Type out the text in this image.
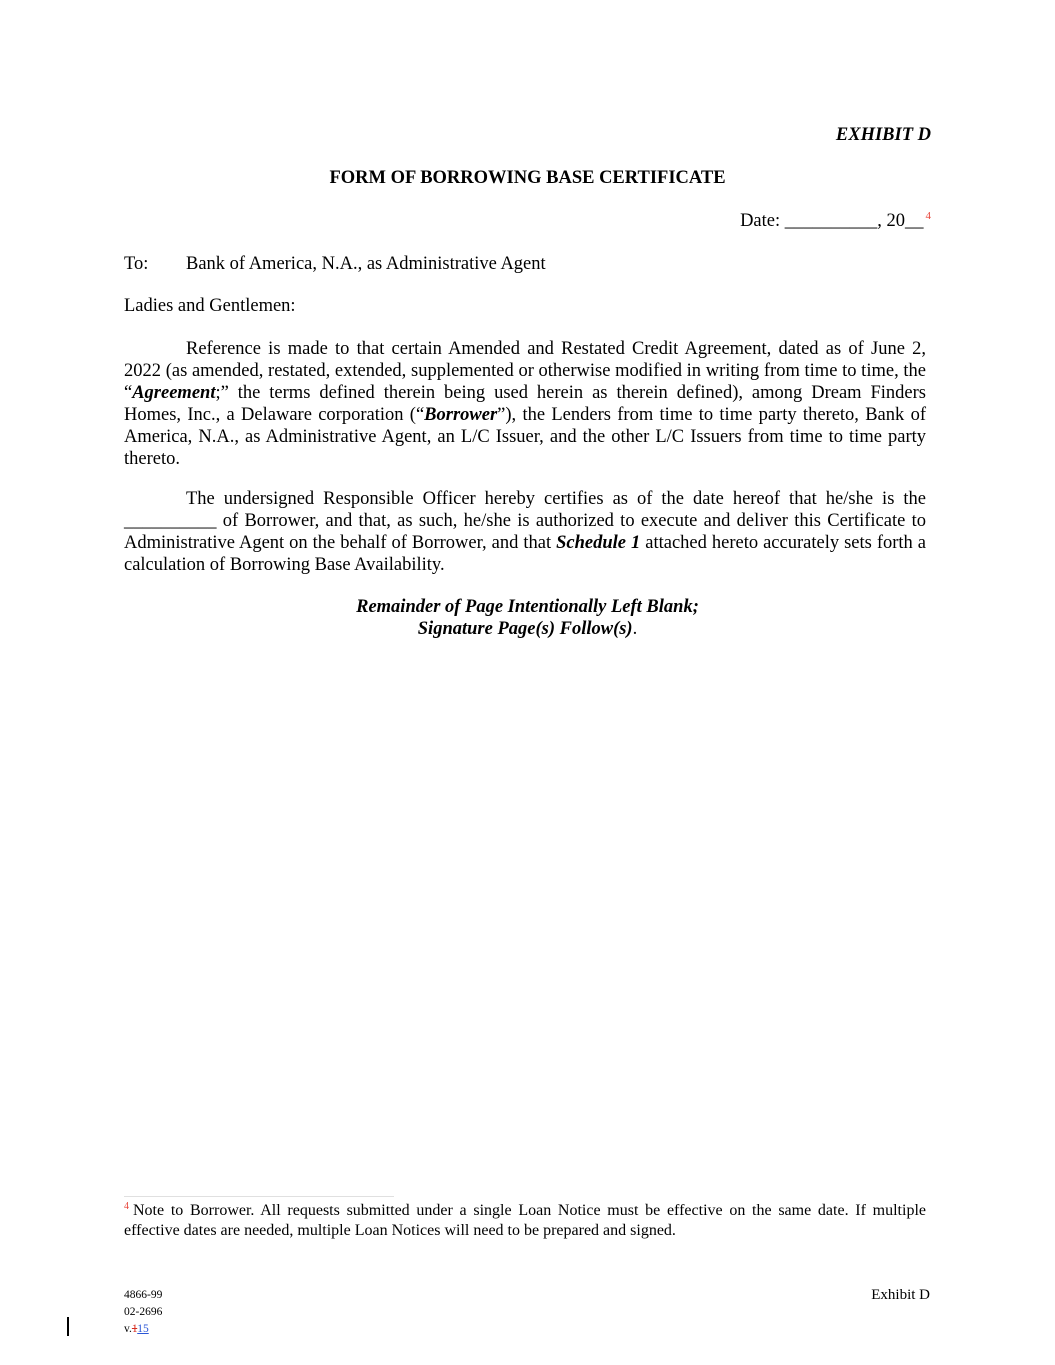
EXHIBIT D
FORM OF BORROWING BASE CERTIFICATE
Date: __________, 20__ $^4$
To: Bank of America, N.A., as Administrative Agent
Ladies and Gentlemen:

Reference is made to that certain Amended and Restated Credit Agreement, dated as of June 2, 2022 (as amended, restated, extended, supplemented or otherwise modified in writing from time to time, the “Agreement;” the terms defined therein being used herein as therein defined), among Dream Finders Homes, Inc., a Delaware corporation (“Borrower”), the Lenders from time to time party thereto, Bank of America, N.A., as Administrative Agent, an L/C Issuer, and the other L/C Issuers from time to time party thereto.

The undersigned Responsible Officer hereby certifies as of the date hereof that he/she is the __________ of Borrower, and that, as such, he/she is authorized to execute and deliver this Certificate to Administrative Agent on the behalf of Borrower, and that Schedule 1 attached hereto accurately sets forth a calculation of Borrowing Base Availability.

Remainder of Page Intentionally Left Blank;
Signature Page(s) Follow(s).
$^4$ Note to Borrower. All requests submitted under a single Loan Notice must be effective on the same date. If multiple effective dates are needed, multiple Loan Notices will need to be prepared and signed.
4866-99
02-2696
v.115
Exhibit D
